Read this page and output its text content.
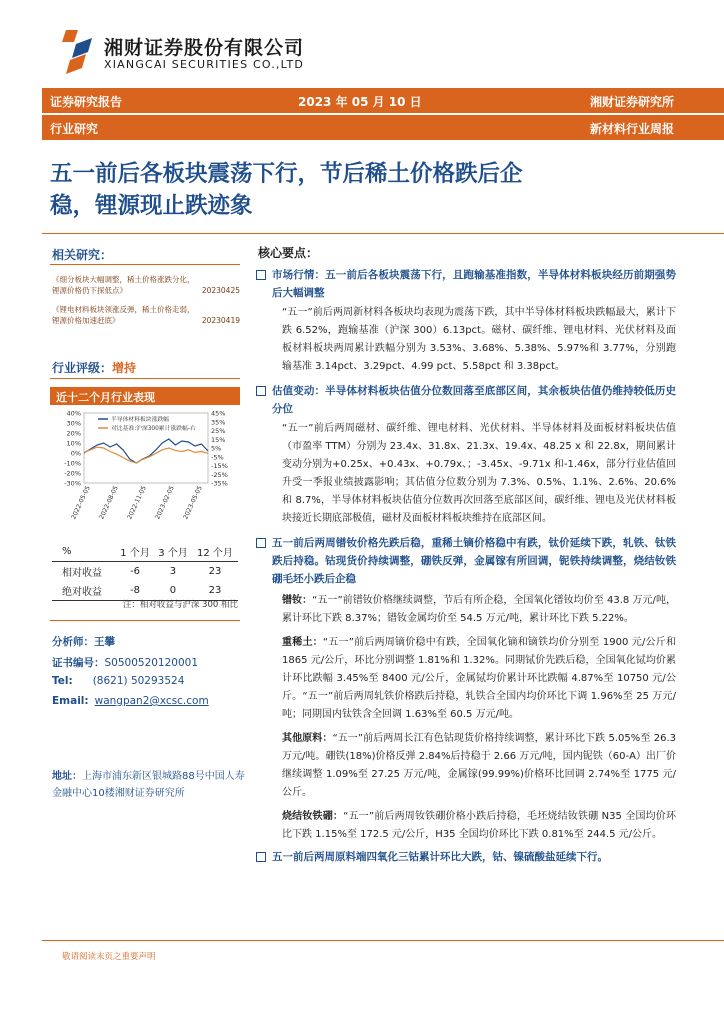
湘财证券股份有限公司
XIANGCAI SECURITIES CO.,LTD
证券研究报告	2023 年 05 月 10 日	湘财证券研究所
行业研究	新材料行业周报
五一前后各板块震荡下行，节后稀土价格跌后企
稳，锂源现止跌迹象
相关研究：
《细分板块大幅调整，稀土价格涨跌分化，
锂源价格仍下探低点》	20230425
《锂电材料板块领涨反弹，稀土价格走弱，
锂源价格加速赶底》	20230419
行业评级：增持
近十二个月行业表现
40%
30%
20%
10%
0%
-10%
-20%
-30%
45%
35%
25%
15%
5%
-5%
-15%
-25%
-35%
2022-05-05 2022-08-05 2022-11-05 2023-02-05 2023-05-05
半导体材料板块涨跌幅
对比基准:沪深300累计涨跌幅-右
%	1 个月	3 个月	12 个月
相对收益	-6	3	23
绝对收益	-8	0	23
注：相对收益与沪深 300 相比
分析师：王攀
证书编号：S0500520120001
Tel: (8621) 50293524
Email: wangpan2@xcsc.com
地址：上海市浦东新区银城路88号中国人寿金融中心10楼湘财证券研究所
核心要点：
市场行情：五一前后各板块震荡下行，且跑输基准指数，半导体材料板块经历前期强势后大幅调整
“五一”前后两周新材料各板块均表现为震荡下跌，其中半导体材料板块跌幅最大，累计下跌 6.52%，跑输基准（沪深 300）6.13pct。磁材、碳纤维、锂电材料、光伏材料及面板材料板块两周累计跌幅分别为 3.53%、3.68%、5.38%、5.97%和 3.77%，分别跑输基准 3.14pct、3.29pct、4.99 pct、5.58pct 和 3.38pct。
估值变动：半导体材料板块估值分位数回落至底部区间，其余板块估值仍维持较低历史分位
“五一”前后两周磁材、碳纤维、锂电材料、光伏材料、半导体材料及面板材料板块估值（市盈率 TTM）分别为 23.4x、31.8x、21.3x、19.4x、48.25 x 和 22.8x，期间累计变动分别为+0.25x、+0.43x、+0.79x、；-3.45x、-9.71x 和-1.46x，部分行业估值回升受一季报业绩披露影响；其估值分位数分别为 7.3%、0.5%、1.1%、2.6%、20.6%和 8.7%，半导体材料板块估值分位数再次回落至底部区间，碳纤维、锂电及光伏材料板块接近长期底部极值，磁材及面板材料板块维持在底部区间。
五一前后两周镨钕价格先跌后稳，重稀土镝价格稳中有跌，钛价延续下跌，轧铁、钛铁跌后持稳。钴现货价持续调整，硼铁反弹，金属镓有所回调，铌铁持续调整，烧结钕铁硼毛坯小跌后企稳
镨钕：“五一”前镨钕价格继续调整，节后有所企稳，全国氧化镨钕均价至 43.8 万元/吨，累计环比下跌 8.37%；镨钕金属均价至 54.5 万元/吨，累计环比下跌 5.22%。
重稀土：“五一”前后两周镝价稳中有跌，全国氧化镝和镝铁均价分别至 1900 元/公斤和 1865 元/公斤，环比分别调整 1.81%和 1.32%。同期铽价先跌后稳，全国氧化铽均价累计环比跌幅 3.45%至 8400 元/公斤，金属铽均价累计环比跌幅 4.87%至 10750 元/公斤。“五一”前后两周轧铁价格跌后持稳，轧铁合全国内均价环比下调 1.96%至 25 万元/吨；同期国内钛铁含全回调 1.63%至 60.5 万元/吨。
其他原料：“五一”前后两周长江有色钴现货价格持续调整，累计环比下跌 5.05%至 26.3 万元/吨。硼铁(18%)价格反弹 2.84%后持稳于 2.66 万元/吨，国内铌铁（60-A）出厂价继续调整 1.09%至 27.25 万元/吨，金属镓(99.99%)价格环比回调 2.74%至 1775 元/公斤。
烧结钕铁硼：“五一”前后两周钕铁硼价格小跌后持稳，毛坯烧结钕铁硼 N35 全国均价环比下跌 1.15%至 172.5 元/公斤，H35 全国均价环比下跌 0.81%至 244.5 元/公斤。
五一前后两周原料端四氧化三钴累计环比大跌，钴、镍硫酸盐延续下行。
敬请阅读末页之重要声明
